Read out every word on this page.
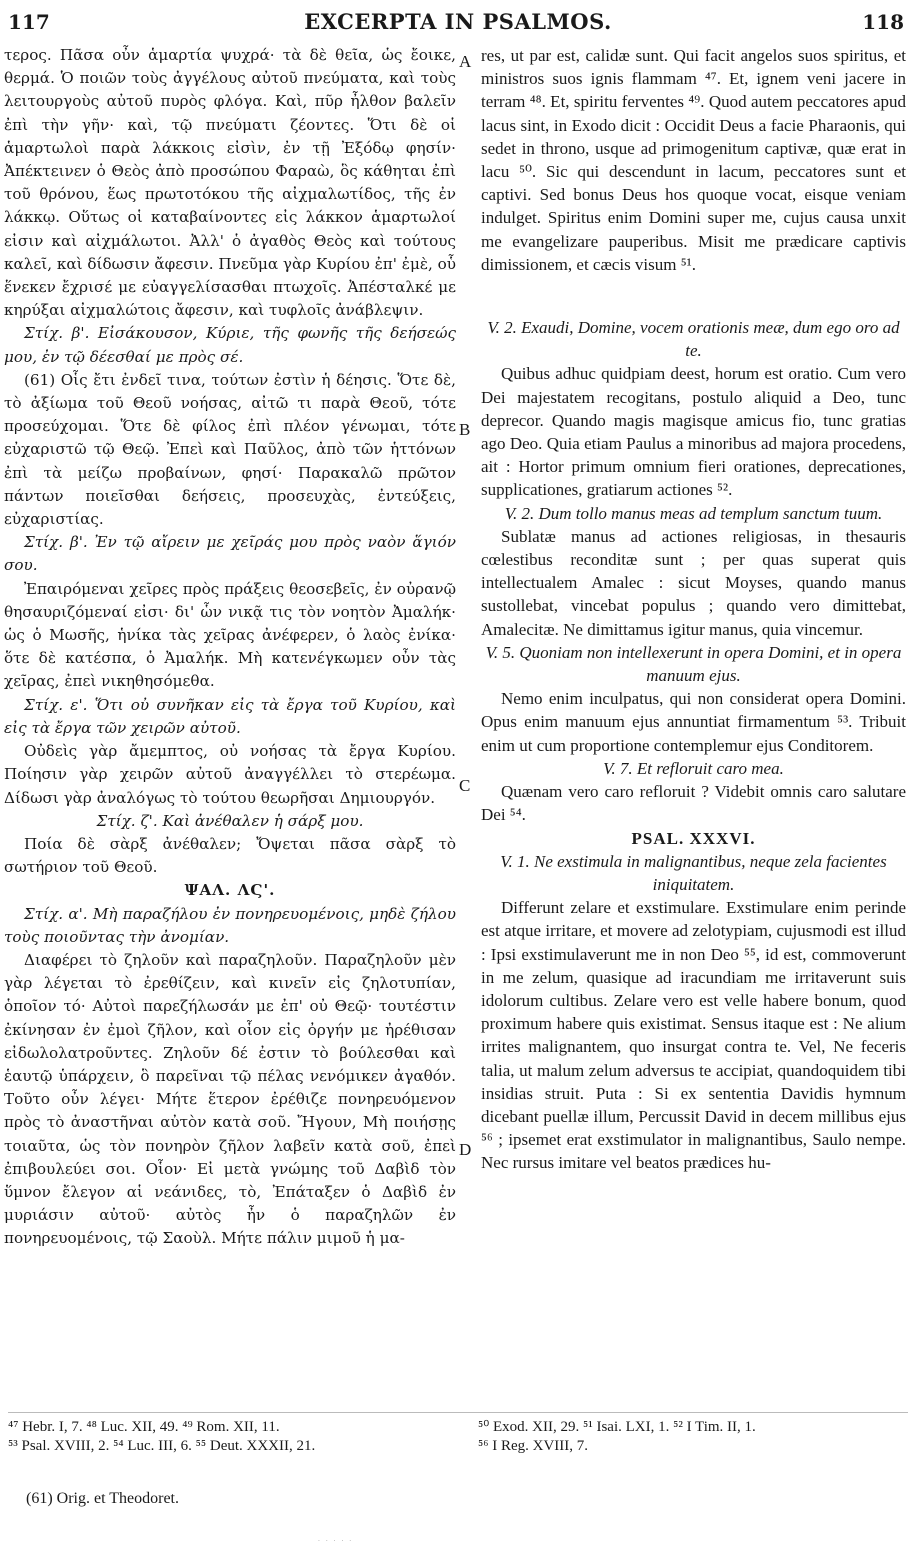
117	EXCERPTA IN PSALMOS.	118
A
B
C
D

τερος. Πᾶσα οὖν ἁμαρτία ψυχρά· τὰ δὲ θεῖα, ὡς ἔοικε, θερμά. Ὁ ποιῶν τοὺς ἀγγέλους αὐτοῦ πνεύματα, καὶ τοὺς λειτουργοὺς αὐτοῦ πυρὸς φλόγα. Καὶ, πῦρ ἦλθον βαλεῖν ἐπὶ τὴν γῆν· καὶ, τῷ πνεύματι ζέοντες. Ὅτι δὲ οἱ ἁμαρτωλοὶ παρὰ λάκκοις εἰσὶν, ἐν τῇ Ἐξόδῳ φησίν· Ἀπέκτεινεν ὁ Θεὸς ἀπὸ προσώπου Φαραὼ, ὃς κάθηται ἐπὶ τοῦ θρόνου, ἕως πρωτοτόκου τῆς αἰχμαλωτίδος, τῆς ἐν λάκκῳ. Οὕτως οἱ καταβαίνοντες εἰς λάκκον ἁμαρτωλοί εἰσιν καὶ αἰχμάλωτοι. Ἀλλ' ὁ ἀγαθὸς Θεὸς καὶ τούτους καλεῖ, καὶ δίδωσιν ἄφεσιν. Πνεῦμα γὰρ Κυρίου ἐπ' ἐμὲ, οὗ ἕνεκεν ἔχρισέ με εὐαγγελίσασθαι πτωχοῖς. Ἀπέσταλκέ με κηρύξαι αἰχμαλώτοις ἄφεσιν, καὶ τυφλοῖς ἀνάβλεψιν.

Στίχ. β'. Εἰσάκουσον, Κύριε, τῆς φωνῆς τῆς δεήσεώς μου, ἐν τῷ δέεσθαί με πρὸς σέ.

(61) Οἷς ἔτι ἐνδεῖ τινα, τούτων ἐστὶν ἡ δέησις. Ὅτε δὲ, τὸ ἀξίωμα τοῦ Θεοῦ νοήσας, αἰτῶ τι παρὰ Θεοῦ, τότε προσεύχομαι. Ὅτε δὲ φίλος ἐπὶ πλέον γένωμαι, τότε εὐχαριστῶ τῷ Θεῷ. Ἐπεὶ καὶ Παῦλος, ἀπὸ τῶν ἡττόνων ἐπὶ τὰ μείζω προβαίνων, φησί· Παρακαλῶ πρῶτον πάντων ποιεῖσθαι δεήσεις, προσευχὰς, ἐντεύξεις, εὐχαριστίας.

Στίχ. β'. Ἐν τῷ αἴρειν με χεῖράς μου πρὸς ναὸν ἅγιόν σου.

Ἐπαιρόμεναι χεῖρες πρὸς πράξεις θεοσεβεῖς, ἐν οὐρανῷ θησαυριζόμεναί εἰσι· δι' ὧν νικᾷ τις τὸν νοητὸν Ἀμαλήκ· ὡς ὁ Μωσῆς, ἡνίκα τὰς χεῖρας ἀνέφερεν, ὁ λαὸς ἐνίκα· ὅτε δὲ κατέσπα, ὁ Ἀμαλήκ. Μὴ κατενέγκωμεν οὖν τὰς χεῖρας, ἐπεὶ νικηθησόμεθα.

Στίχ. ε'. Ὅτι οὐ συνῆκαν εἰς τὰ ἔργα τοῦ Κυρίου, καὶ εἰς τὰ ἔργα τῶν χειρῶν αὐτοῦ.

Οὐδεὶς γὰρ ἄμεμπτος, οὐ νοήσας τὰ ἔργα Κυρίου. Ποίησιν γὰρ χειρῶν αὐτοῦ ἀναγγέλλει τὸ στερέωμα. Δίδωσι γὰρ ἀναλόγως τὸ τούτου θεωρῆσαι Δημιουργόν.

Στίχ. ζ'. Καὶ ἀνέθαλεν ἡ σάρξ μου.

Ποία δὲ σὰρξ ἀνέθαλεν; Ὄψεται πᾶσα σὰρξ τὸ σωτήριον τοῦ Θεοῦ.

ΨΑΛ. ΛϚ'.

Στίχ. α'. Μὴ παραζήλου ἐν πονηρευομένοις, μηδὲ ζήλου τοὺς ποιοῦντας τὴν ἀνομίαν.

Διαφέρει τὸ ζηλοῦν καὶ παραζηλοῦν. Παραζηλοῦν μὲν γὰρ λέγεται τὸ ἐρεθίζειν, καὶ κινεῖν εἰς ζηλοτυπίαν, ὁποῖον τό· Αὐτοὶ παρεζήλωσάν με ἐπ' οὐ Θεῷ· τουτέστιν ἐκίνησαν ἐν ἐμοὶ ζῆλον, καὶ οἷον εἰς ὀργήν με ἠρέθισαν εἰδωλολατροῦντες. Ζηλοῦν δέ ἐστιν τὸ βούλεσθαι καὶ ἑαυτῷ ὑπάρχειν, ὃ παρεῖναι τῷ πέλας νενόμικεν ἀγαθόν. Τοῦτο οὖν λέγει· Μήτε ἕτερον ἐρέθιζε πονηρευόμενον πρὸς τὸ ἀναστῆναι αὐτὸν κατὰ σοῦ. Ἤγουν, Μὴ ποιήσῃς τοιαῦτα, ὡς τὸν πονηρὸν ζῆλον λαβεῖν κατὰ σοῦ, ἐπεὶ ἐπιβουλεύει σοι. Οἷον· Εἰ μετὰ γνώμης τοῦ Δαβὶδ τὸν ὕμνον ἔλεγον αἱ νεάνιδες, τὸ, Ἐπάταξεν ὁ Δαβὶδ ἐν μυριάσιν αὐτοῦ· αὐτὸς ἦν ὁ παραζηλῶν ἐν πονηρευομένοις, τῷ Σαοὺλ. Μήτε πάλιν μιμοῦ ἡ μα-

res, ut par est, calidæ sunt. Qui facit angelos suos spiritus, et ministros suos ignis flammam ⁴⁷. Et, ignem veni jacere in terram ⁴⁸. Et, spiritu ferventes ⁴⁹. Quod autem peccatores apud lacus sint, in Exodo dicit : Occidit Deus a facie Pharaonis, qui sedet in throno, usque ad primogenitum captivæ, quæ erat in lacu ⁵⁰. Sic qui descendunt in lacum, peccatores sunt et captivi. Sed bonus Deus hos quoque vocat, eisque veniam indulget. Spiritus enim Domini super me, cujus causa unxit me evangelizare pauperibus. Misit me prædicare captivis dimissionem, et cæcis visum ⁵¹.

V. 2. Exaudi, Domine, vocem orationis meæ, dum ego oro ad te.

Quibus adhuc quidpiam deest, horum est oratio. Cum vero Dei majestatem recogitans, postulo aliquid a Deo, tunc deprecor. Quando magis magisque amicus fio, tunc gratias ago Deo. Quia etiam Paulus a minoribus ad majora procedens, ait : Hortor primum omnium fieri orationes, deprecationes, supplicationes, gratiarum actiones ⁵².

V. 2. Dum tollo manus meas ad templum sanctum tuum.

Sublatæ manus ad actiones religiosas, in thesauris cœlestibus reconditæ sunt ; per quas superat quis intellectualem Amalec : sicut Moyses, quando manus sustollebat, vincebat populus ; quando vero dimittebat, Amalecitæ. Ne dimittamus igitur manus, quia vincemur.

V. 5. Quoniam non intellexerunt in opera Domini, et in opera manuum ejus.

Nemo enim inculpatus, qui non considerat opera Domini. Opus enim manuum ejus annuntiat firmamentum ⁵³. Tribuit enim ut cum proportione contemplemur ejus Conditorem.

V. 7. Et refloruit caro mea.

Quænam vero caro refloruit ? Videbit omnis caro salutare Dei ⁵⁴.

PSAL. XXXVI.

V. 1. Ne exstimula in malignantibus, neque zela facientes iniquitatem.

Differunt zelare et exstimulare. Exstimulare enim perinde est atque irritare, et movere ad zelotypiam, cujusmodi est illud : Ipsi exstimulaverunt me in non Deo ⁵⁵, id est, commoverunt in me zelum, quasique ad iracundiam me irritaverunt suis idolorum cultibus. Zelare vero est velle habere bonum, quod proximum habere quis existimat. Sensus itaque est : Ne alium irrites malignantem, quo insurgat contra te. Vel, Ne feceris talia, ut malum zelum adversus te accipiat, quandoquidem tibi insidias struit. Puta : Si ex sententia Davidis hymnum dicebant puellæ illum, Percussit David in decem millibus ejus ⁵⁶ ; ipsemet erat exstimulator in malignantibus, Saulo nempe. Nec rursus imitare vel beatos prædices hu-

⁴⁷ Hebr. I, 7. ⁴⁸ Luc. XII, 49. ⁴⁹ Rom. XII, 11.
⁵³ Psal. XVIII, 2. ⁵⁴ Luc. III, 6. ⁵⁵ Deut. XXXII, 21.
⁵⁰ Exod. XII, 29. ⁵¹ Isai. LXI, 1. ⁵² I Tim. II, 1.
⁵⁶ I Reg. XVIII, 7.
(61) Orig. et Theodoret.
· · · · ·
